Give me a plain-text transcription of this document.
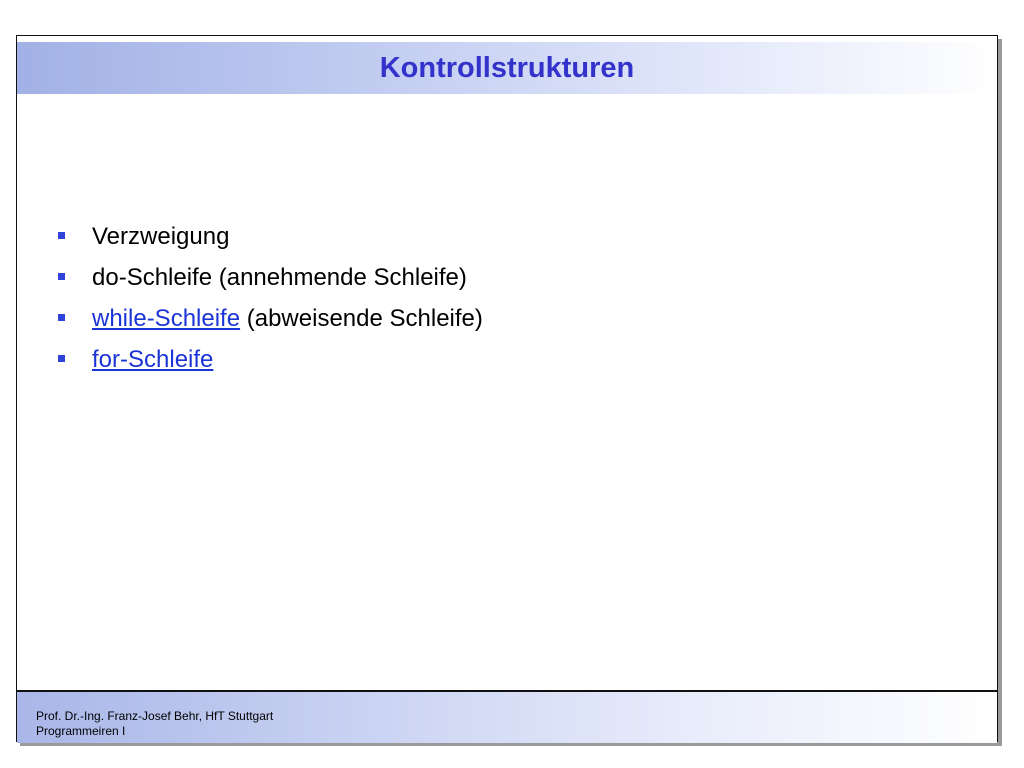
Kontrollstrukturen
Verzweigung
do-Schleife (annehmende Schleife)
while-Schleife (abweisende Schleife)
for-Schleife
Prof. Dr.-Ing. Franz-Josef Behr, HfT Stuttgart
Programmeiren I
